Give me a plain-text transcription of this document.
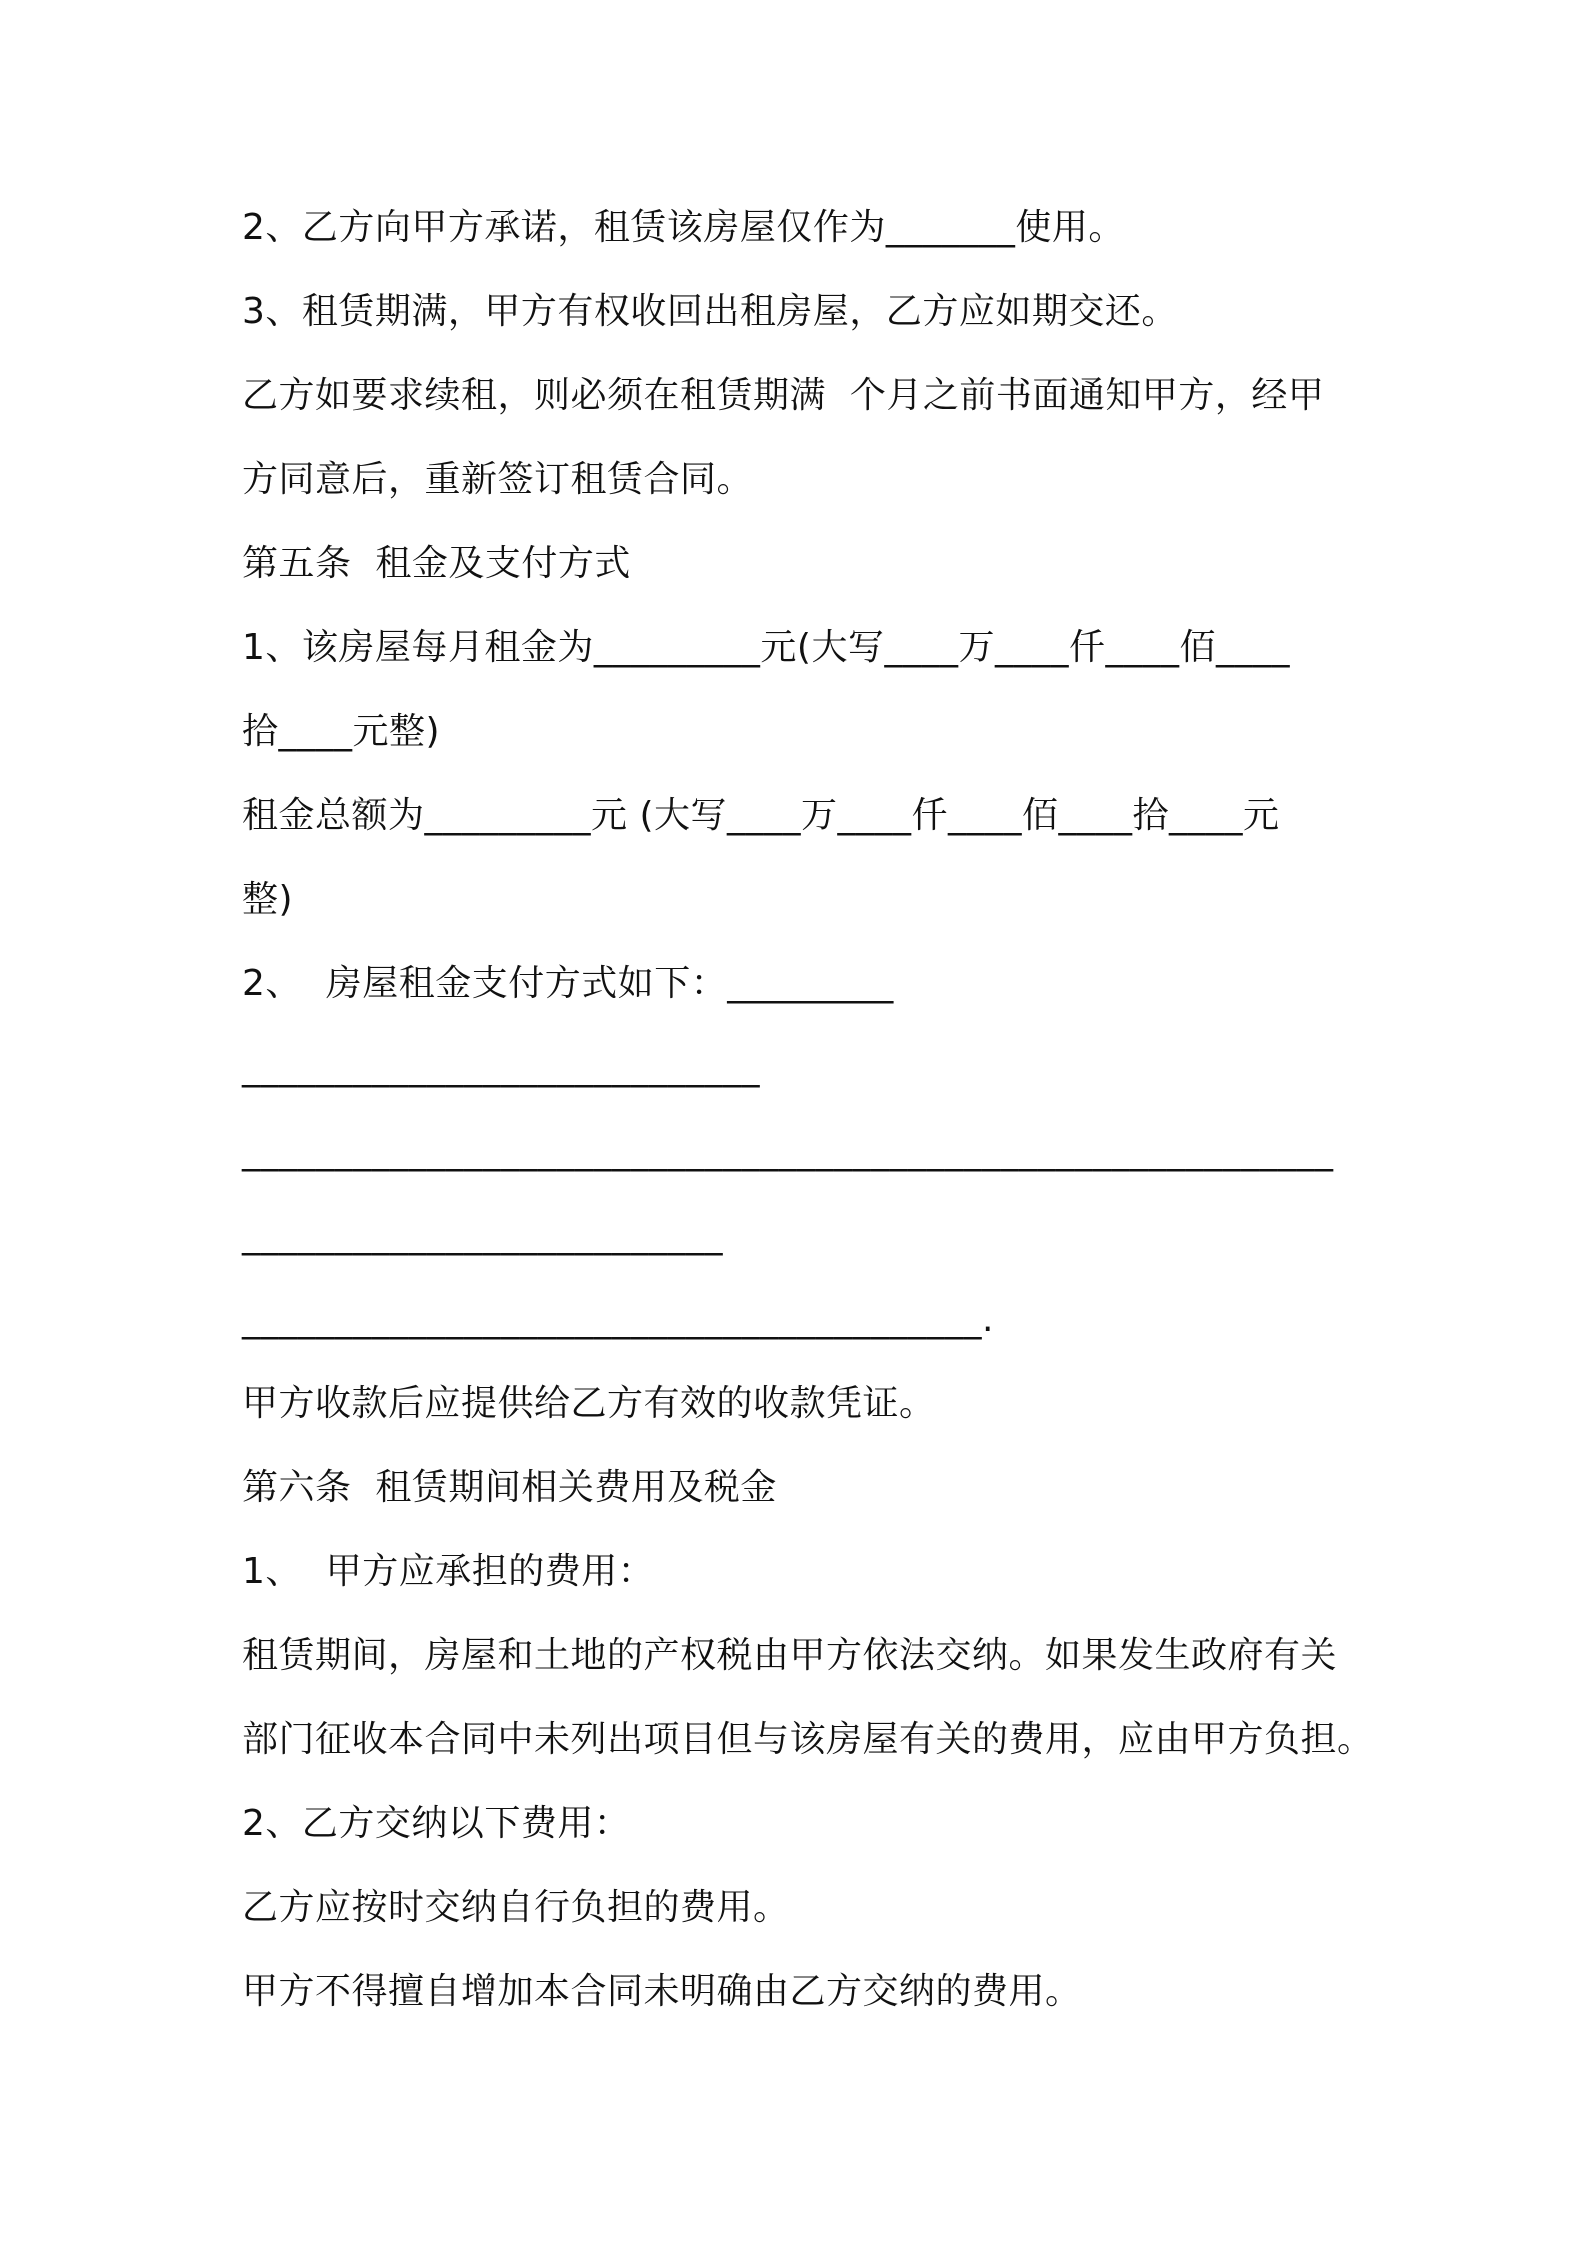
2、乙方向甲方承诺，租赁该房屋仅作为_______使用。
3、租赁期满，甲方有权收回出租房屋，乙方应如期交还。
乙方如要求续租，则必须在租赁期满  个月之前书面通知甲方，经甲
方同意后，重新签订租赁合同。
第五条  租金及支付方式
1、该房屋每月租金为_________元(大写____万____仟____佰____
拾____元整)
租金总额为_________元 (大写____万____仟____佰____拾____元
整)
2、  房屋租金支付方式如下：_________
____________________________
___________________________________________________________
__________________________
________________________________________.
甲方收款后应提供给乙方有效的收款凭证。
第六条  租赁期间相关费用及税金
1、  甲方应承担的费用：
租赁期间，房屋和土地的产权税由甲方依法交纳。如果发生政府有关
部门征收本合同中未列出项目但与该房屋有关的费用，应由甲方负担。
2、乙方交纳以下费用：
乙方应按时交纳自行负担的费用。
甲方不得擅自增加本合同未明确由乙方交纳的费用。
